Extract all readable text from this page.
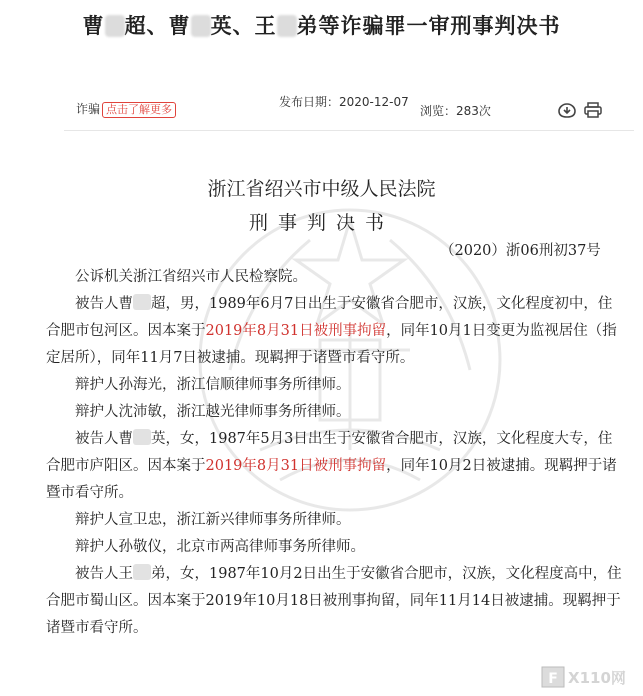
曹 超、曹 英、王 弟等诈骗罪一审刑事判决书
诈骗 点击了解更多
发布日期：2020-12-07
浏览：283次
浙江省绍兴市中级人民法院
刑事判决书
（2020）浙06刑初37号

公诉机关浙江省绍兴市人民检察院。

被告人曹 超，男，1989年6月7日出生于安徽省合肥市，汉族，文化程度初中，住合肥市包河区。因本案于2019年8月31日被刑事拘留，同年10月1日变更为监视居住（指定居所），同年11月7日被逮捕。现羁押于诸暨市看守所。

辩护人孙海光，浙江信顺律师事务所律师。

辩护人沈沛敏，浙江越光律师事务所律师。

被告人曹 英，女，1987年5月3日出生于安徽省合肥市，汉族，文化程度大专，住合肥市庐阳区。因本案于2019年8月31日被刑事拘留，同年10月2日被逮捕。现羁押于诸暨市看守所。

辩护人宣卫忠，浙江新兴律师事务所律师。

辩护人孙敬仪，北京市两高律师事务所律师。

被告人王 弟，女，1987年10月2日出生于安徽省合肥市，汉族，文化程度高中，住合肥市蜀山区。因本案于2019年10月18日被刑事拘留，同年11月14日被逮捕。现羁押于诸暨市看守所。

F X110网
